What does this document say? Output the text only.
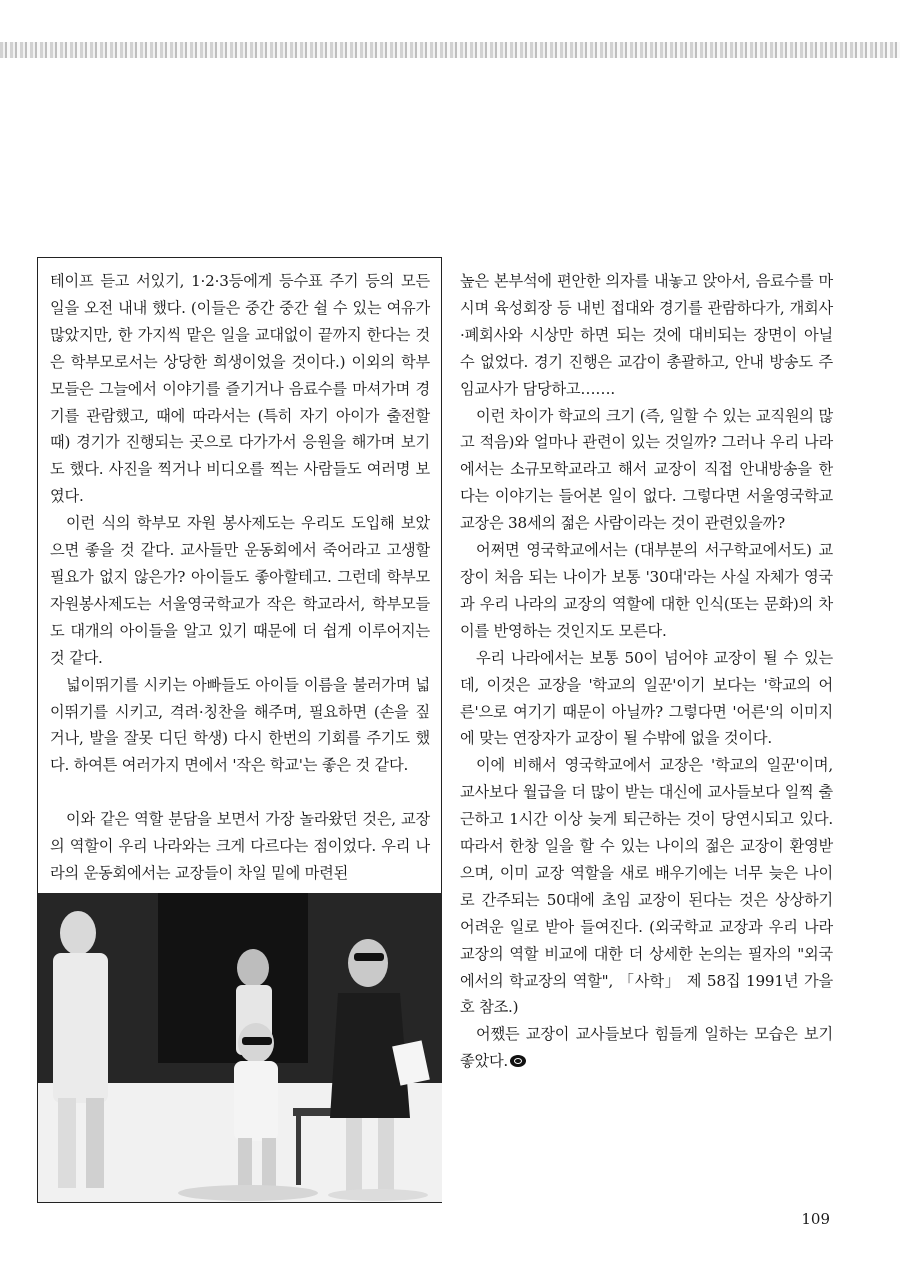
테이프 듣고 서있기, 1·2·3등에게 등수표 주기 등의 모든 일을 오전 내내 했다. (이들은 중간 중간 쉴 수 있는 여유가 많았지만, 한 가지씩 맡은 일을 교대없이 끝까지 한다는 것은 학부모로서는 상당한 희생이었을 것이다.) 이외의 학부모들은 그늘에서 이야기를 즐기거나 음료수를 마셔가며 경기를 관람했고, 때에 따라서는 (특히 자기 아이가 출전할 때) 경기가 진행되는 곳으로 다가가서 응원을 해가며 보기도 했다. 사진을 찍거나 비디오를 찍는 사람들도 여러명 보였다.

이런 식의 학부모 자원 봉사제도는 우리도 도입해 보았으면 좋을 것 같다. 교사들만 운동회에서 죽어라고 고생할 필요가 없지 않은가? 아이들도 좋아할테고. 그런데 학부모 자원봉사제도는 서울영국학교가 작은 학교라서, 학부모들도 대개의 아이들을 알고 있기 때문에 더 쉽게 이루어지는 것 같다.

넓이뛰기를 시키는 아빠들도 아이들 이름을 불러가며 넓이뛰기를 시키고, 격려·칭찬을 해주며, 필요하면 (손을 짚거나, 발을 잘못 디딘 학생) 다시 한번의 기회를 주기도 했다. 하여튼 여러가지 면에서 '작은 학교'는 좋은 것 같다.

이와 같은 역할 분담을 보면서 가장 놀라왔던 것은, 교장의 역할이 우리 나라와는 크게 다르다는 점이었다. 우리 나라의 운동회에서는 교장들이 차일 밑에 마련된

높은 본부석에 편안한 의자를 내놓고 앉아서, 음료수를 마시며 육성회장 등 내빈 접대와 경기를 관람하다가, 개회사·폐회사와 시상만 하면 되는 것에 대비되는 장면이 아닐 수 없었다. 경기 진행은 교감이 총괄하고, 안내 방송도 주임교사가 담당하고…….

이런 차이가 학교의 크기 (즉, 일할 수 있는 교직원의 많고 적음)와 얼마나 관련이 있는 것일까? 그러나 우리 나라에서는 소규모학교라고 해서 교장이 직접 안내방송을 한다는 이야기는 들어본 일이 없다. 그렇다면 서울영국학교 교장은 38세의 젊은 사람이라는 것이 관련있을까?

어쩌면 영국학교에서는 (대부분의 서구학교에서도) 교장이 처음 되는 나이가 보통 '30대'라는 사실 자체가 영국과 우리 나라의 교장의 역할에 대한 인식(또는 문화)의 차이를 반영하는 것인지도 모른다.

우리 나라에서는 보통 50이 넘어야 교장이 될 수 있는데, 이것은 교장을 '학교의 일꾼'이기 보다는 '학교의 어른'으로 여기기 때문이 아닐까? 그렇다면 '어른'의 이미지에 맞는 연장자가 교장이 될 수밖에 없을 것이다.

이에 비해서 영국학교에서 교장은 '학교의 일꾼'이며, 교사보다 월급을 더 많이 받는 대신에 교사들보다 일찍 출근하고 1시간 이상 늦게 퇴근하는 것이 당연시되고 있다. 따라서 한창 일을 할 수 있는 나이의 젊은 교장이 환영받으며, 이미 교장 역할을 새로 배우기에는 너무 늦은 나이로 간주되는 50대에 초임 교장이 된다는 것은 상상하기 어려운 일로 받아 들여진다. (외국학교 교장과 우리 나라 교장의 역할 비교에 대한 더 상세한 논의는 필자의 "외국에서의 학교장의 역할", 「사학」 제 58집 1991년 가을호 참조.)

어쨌든 교장이 교사들보다 힘들게 일하는 모습은 보기 좋았다.

109
